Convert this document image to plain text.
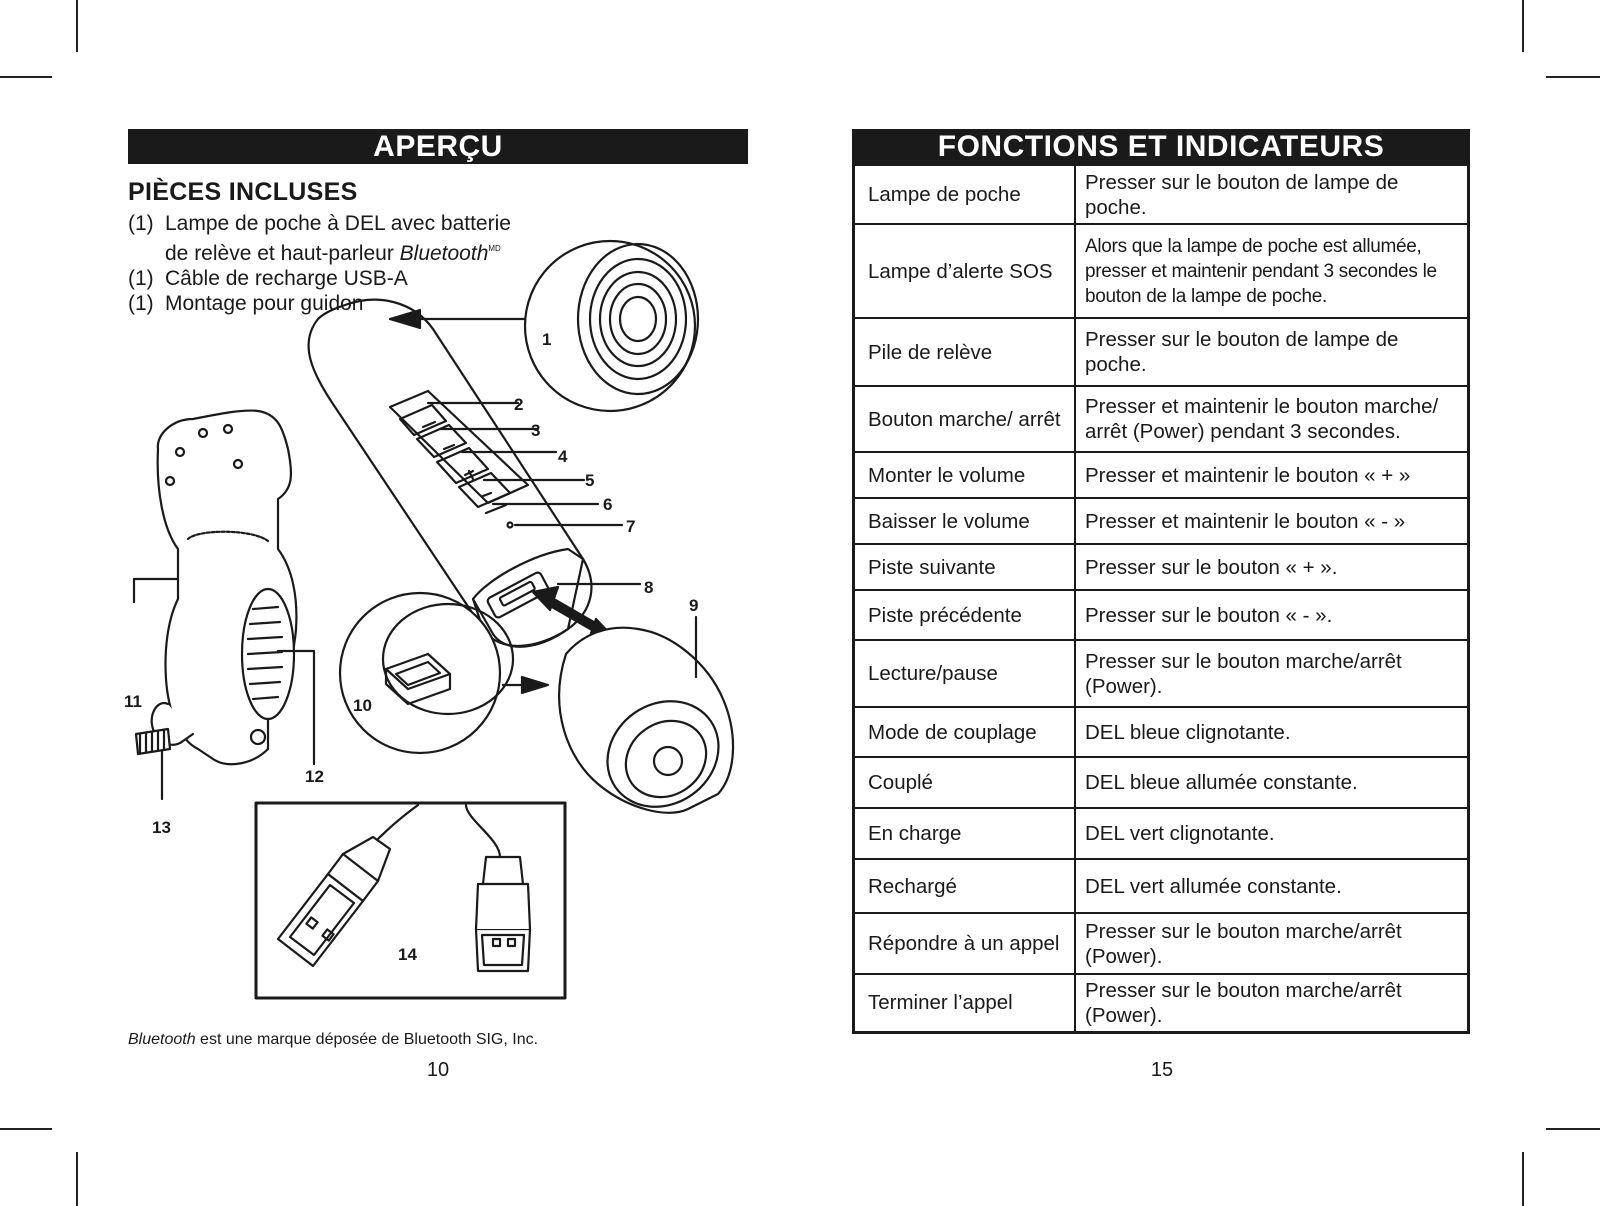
1
2
3
4
5
6
7
8
9
10
11
12
13
14
APERÇU
PIÈCES INCLUSES
(1) Lampe de poche à DEL avec batterie
de relève et haut-parleur Bluetooth$^{MD}$
(1) Câble de recharge USB-A
(1) Montage pour guidon
Bluetooth est une marque déposée de Bluetooth SIG, Inc.
10
FONCTIONS ET INDICATEURS
Lampe de poche	Presser sur le bouton de lampe de poche.
Lampe d’alerte SOS	Alors que la lampe de poche est allumée, presser et maintenir pendant 3 secondes le bouton de la lampe de poche.
Pile de relève	Presser sur le bouton de lampe de poche.
Bouton marche/ arrêt	Presser et maintenir le bouton marche/ arrêt (Power) pendant 3 secondes.
Monter le volume	Presser et maintenir le bouton « + »
Baisser le volume	Presser et maintenir le bouton « - »
Piste suivante	Presser sur le bouton « + ».
Piste précédente	Presser sur le bouton « - ».
Lecture/pause	Presser sur le bouton marche/arrêt (Power).
Mode de couplage	DEL bleue clignotante.
Couplé	DEL bleue allumée constante.
En charge	DEL vert clignotante.
Rechargé	DEL vert allumée constante.
Répondre à un appel	Presser sur le bouton marche/arrêt (Power).
Terminer l’appel	Presser sur le bouton marche/arrêt (Power).
15
